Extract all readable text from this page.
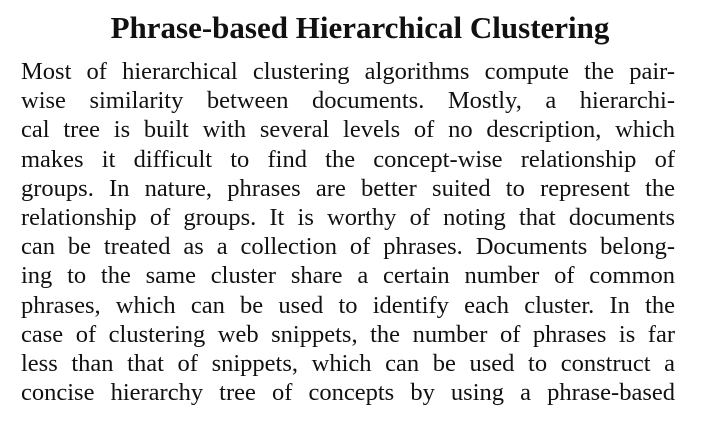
Phrase-based Hierarchical Clustering
Most of hierarchical clustering algorithms compute the pair-
wise similarity between documents. Mostly, a hierarchi-
cal tree is built with several levels of no description, which
makes it difficult to find the concept-wise relationship of
groups. In nature, phrases are better suited to represent the
relationship of groups. It is worthy of noting that documents
can be treated as a collection of phrases. Documents belong-
ing to the same cluster share a certain number of common
phrases, which can be used to identify each cluster. In the
case of clustering web snippets, the number of phrases is far
less than that of snippets, which can be used to construct a
concise hierarchy tree of concepts by using a phrase-based
